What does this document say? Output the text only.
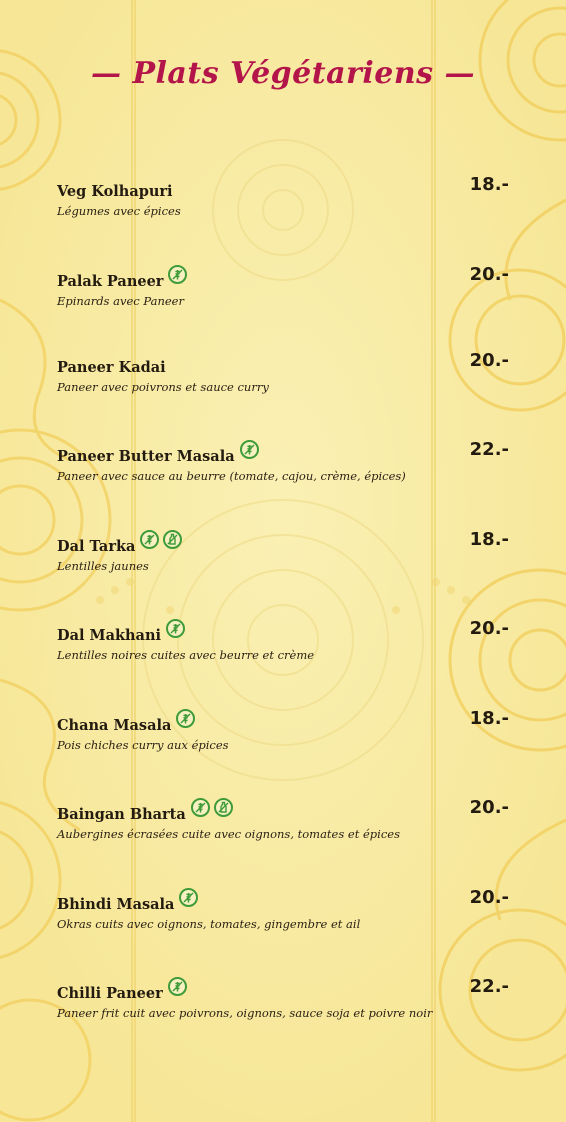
— Plats Végétariens —
Veg Kolhapuri
Légumes avec épices
18.-
Palak Paneer
Epinards avec Paneer
20.-
Paneer Kadai
Paneer avec poivrons et sauce curry
20.-
Paneer Butter Masala
Paneer avec sauce au beurre (tomate, cajou, crème, épices)
22.-
Dal Tarka
Lentilles jaunes
18.-
Dal Makhani
Lentilles noires cuites avec beurre et crème
20.-
Chana Masala
Pois chiches curry aux épices
18.-
Baingan Bharta
Aubergines écrasées cuite avec oignons, tomates et épices
20.-
Bhindi Masala
Okras cuits avec oignons, tomates, gingembre et ail
20.-
Chilli Paneer
Paneer frit cuit avec poivrons, oignons, sauce soja et poivre noir
22.-
